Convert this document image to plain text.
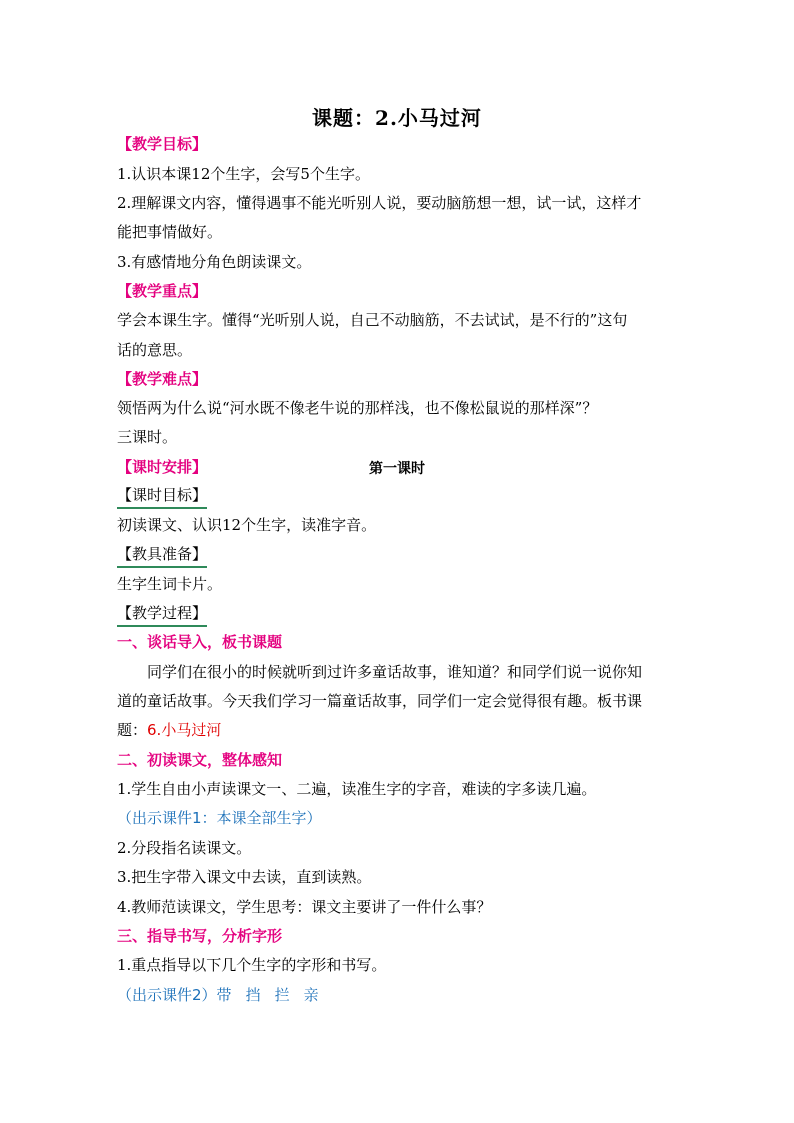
课题：2.小马过河
【教学目标】
1.认识本课12个生字，会写5个生字。
2.理解课文内容，懂得遇事不能光听别人说，要动脑筋想一想，试一试，这样才
能把事情做好。
3.有感情地分角色朗读课文。
【教学重点】
学会本课生字。懂得“光听别人说，自己不动脑筋，不去试试，是不行的”这句
话的意思。
【教学难点】
领悟两为什么说“河水既不像老牛说的那样浅，也不像松鼠说的那样深”？
三课时。
【课时安排】	第一课时
【课时目标】
初读课文、认识12个生字，读准字音。
【教具准备】
生字生词卡片。
【教学过程】
一、谈话导入，板书课题
同学们在很小的时候就听到过许多童话故事，谁知道？和同学们说一说你知
道的童话故事。今天我们学习一篇童话故事，同学们一定会觉得很有趣。板书课
题：6.小马过河
二、初读课文，整体感知
1.学生自由小声读课文一、二遍，读准生字的字音，难读的字多读几遍。
（出示课件1：本课全部生字）
2.分段指名读课文。
3.把生字带入课文中去读，直到读熟。
4.教师范读课文，学生思考：课文主要讲了一件什么事？
三、指导书写，分析字形
1.重点指导以下几个生字的字形和书写。
（出示课件2）带 挡 拦 亲
